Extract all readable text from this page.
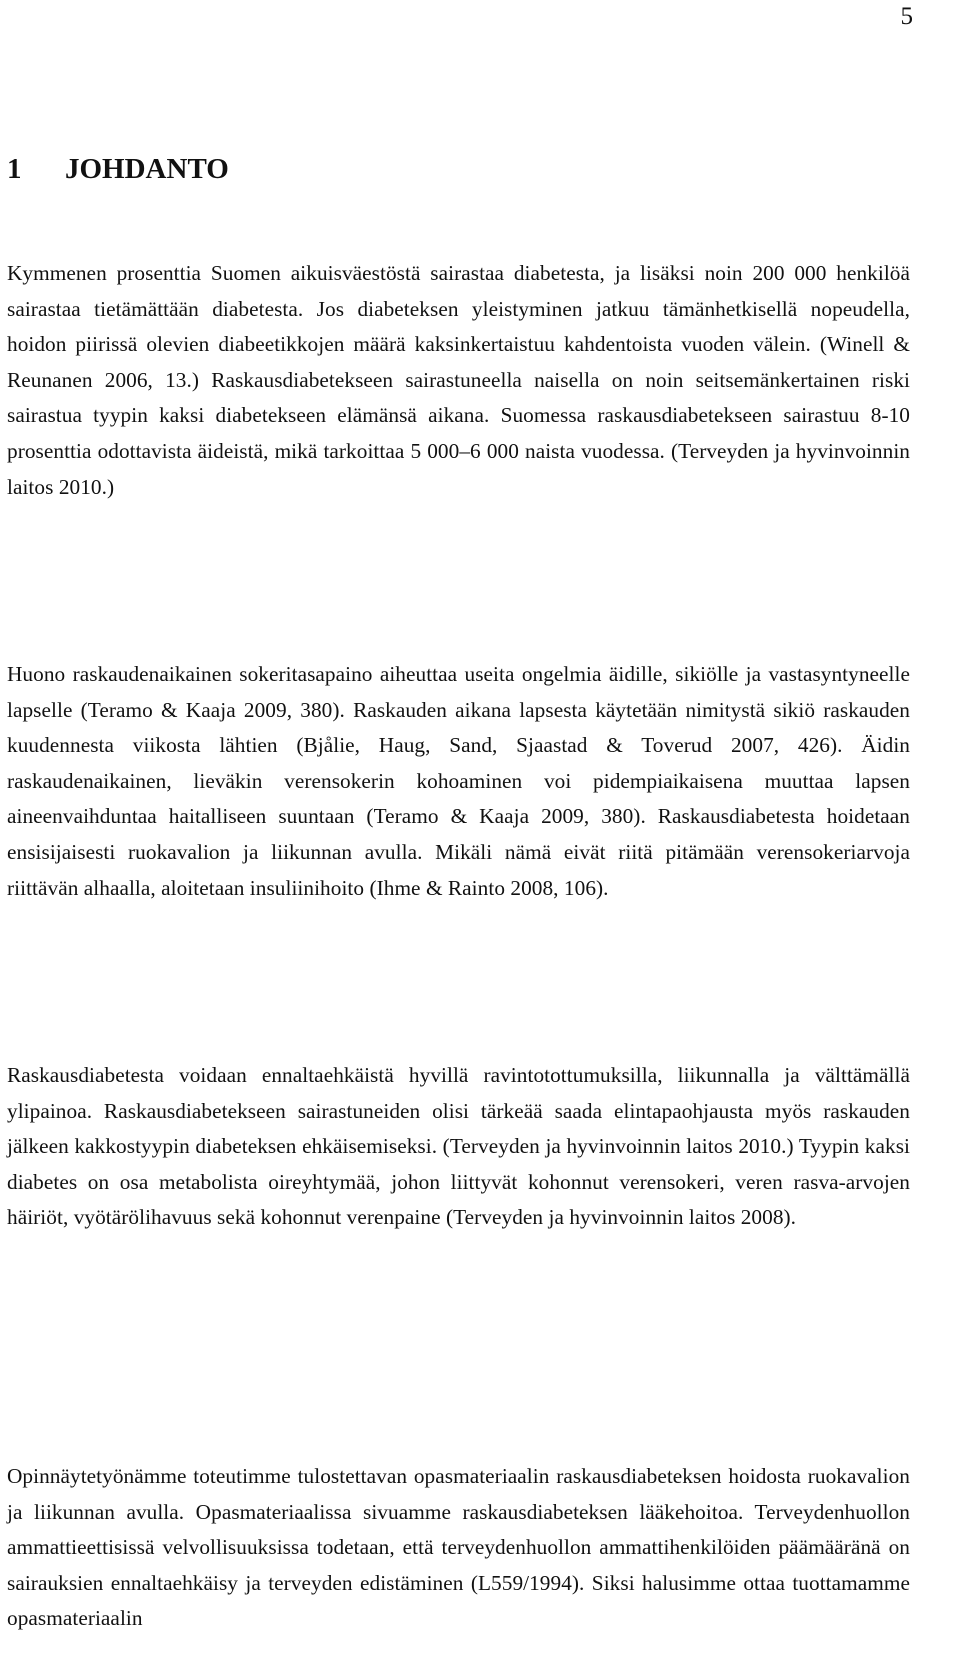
5
1 JOHDANTO

Kymmenen prosenttia Suomen aikuisväestöstä sairastaa diabetesta, ja lisäksi noin 200 000 henkilöä sairastaa tietämättään diabetesta. Jos diabeteksen yleistyminen jatkuu tämänhetkisellä nopeudella, hoidon piirissä olevien diabeetikkojen määrä kaksinkertaistuu kahdentoista vuoden välein. (Winell & Reunanen 2006, 13.) Raskausdiabetekseen sairastuneella naisella on noin seitsemänkertainen riski sairastua tyypin kaksi diabetekseen elämänsä aikana. Suomessa raskausdiabetekseen sairastuu 8-10 prosenttia odottavista äideistä, mikä tarkoittaa 5 000–6 000 naista vuodessa. (Terveyden ja hyvinvoinnin laitos 2010.)

Huono raskaudenaikainen sokeritasapaino aiheuttaa useita ongelmia äidille, sikiölle ja vastasyntyneelle lapselle (Teramo & Kaaja 2009, 380). Raskauden aikana lapsesta käytetään nimitystä sikiö raskauden kuudennesta viikosta lähtien (Bjålie, Haug, Sand, Sjaastad & Toverud 2007, 426). Äidin raskaudenaikainen, lieväkin verensokerin kohoaminen voi pidempiaikaisena muuttaa lapsen aineenvaihduntaa haitalliseen suuntaan (Teramo & Kaaja 2009, 380). Raskausdiabetesta hoidetaan ensisijaisesti ruokavalion ja liikunnan avulla. Mikäli nämä eivät riitä pitämään verensokeriarvoja riittävän alhaalla, aloitetaan insuliinihoito (Ihme & Rainto 2008, 106).

Raskausdiabetesta voidaan ennaltaehkäistä hyvillä ravintotottumuksilla, liikunnalla ja välttämällä ylipainoa. Raskausdiabetekseen sairastuneiden olisi tärkeää saada elintapaohjausta myös raskauden jälkeen kakkostyypin diabeteksen ehkäisemiseksi. (Terveyden ja hyvinvoinnin laitos 2010.) Tyypin kaksi diabetes on osa metabolista oireyhtymää, johon liittyvät kohonnut verensokeri, veren rasva-arvojen häiriöt, vyötärölihavuus sekä kohonnut verenpaine (Terveyden ja hyvinvoinnin laitos 2008).

Opinnäytetyönämme toteutimme tulostettavan opasmateriaalin raskausdiabeteksen hoidosta ruokavalion ja liikunnan avulla. Opasmateriaalissa sivuamme raskausdiabeteksen lääkehoitoa. Terveydenhuollon ammattieettisissä velvollisuuksissa todetaan, että terveydenhuollon ammattihenkilöiden päämääränä on sairauksien ennaltaehkäisy ja terveyden edistäminen (L559/1994). Siksi halusimme ottaa tuottamamme opasmateriaalin
